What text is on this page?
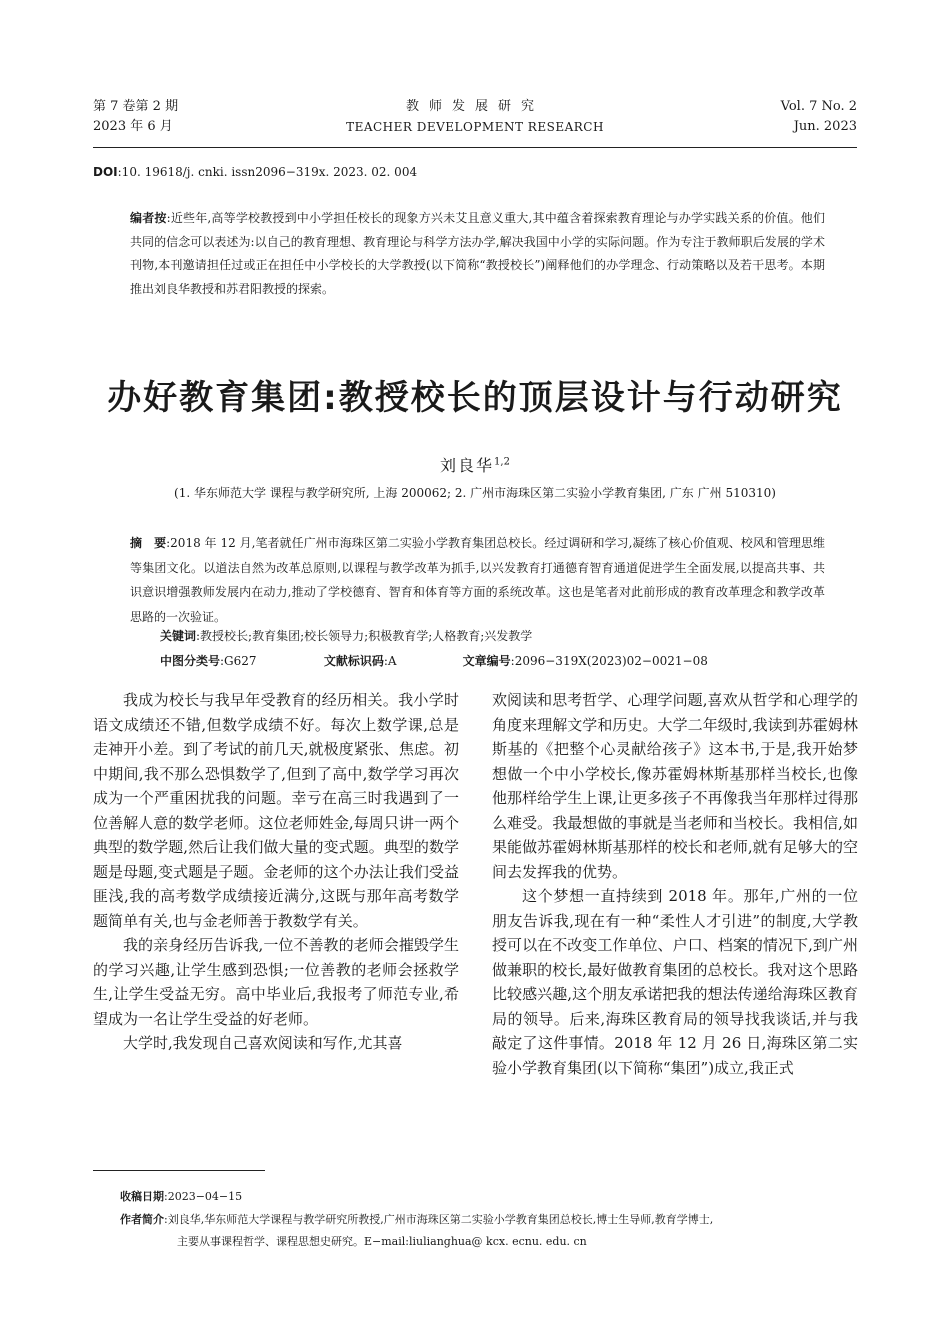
第 7 卷第 2 期
2023 年 6 月
教师发展研究
TEACHER DEVELOPMENT RESEARCH
Vol. 7 No. 2
Jun. 2023
DOI:10. 19618/j. cnki. issn2096−319x. 2023. 02. 004
编者按:近些年,高等学校教授到中小学担任校长的现象方兴未艾且意义重大,其中蕴含着探索教育理论与办学实践关系的价值。他们共同的信念可以表述为:以自己的教育理想、教育理论与科学方法办学,解决我国中小学的实际问题。作为专注于教师职后发展的学术刊物,本刊邀请担任过或正在担任中小学校长的大学教授(以下简称“教授校长”)阐释他们的办学理念、行动策略以及若干思考。本期推出刘良华教授和苏君阳教授的探索。
办好教育集团:教授校长的顶层设计与行动研究
刘良华$^{1,2}$
(1. 华东师范大学 课程与教学研究所, 上海 200062; 2. 广州市海珠区第二实验小学教育集团, 广东 广州 510310)
摘　要:2018 年 12 月,笔者就任广州市海珠区第二实验小学教育集团总校长。经过调研和学习,凝练了核心价值观、校风和管理思维等集团文化。以道法自然为改革总原则,以课程与教学改革为抓手,以兴发教育打通德育智育通道促进学生全面发展,以提高共事、共识意识增强教师发展内在动力,推动了学校德育、智育和体育等方面的系统改革。这也是笔者对此前形成的教育改革理念和教学改革思路的一次验证。
关键词:教授校长;教育集团;校长领导力;积极教育学;人格教育;兴发教学
中图分类号:G627	文献标识码:A	文章编号:2096−319X(2023)02−0021−08

我成为校长与我早年受教育的经历相关。我小学时语文成绩还不错,但数学成绩不好。每次上数学课,总是走神开小差。到了考试的前几天,就极度紧张、焦虑。初中期间,我不那么恐惧数学了,但到了高中,数学学习再次成为一个严重困扰我的问题。幸亏在高三时我遇到了一位善解人意的数学老师。这位老师姓金,每周只讲一两个典型的数学题,然后让我们做大量的变式题。典型的数学题是母题,变式题是子题。金老师的这个办法让我们受益匪浅,我的高考数学成绩接近满分,这既与那年高考数学题简单有关,也与金老师善于教数学有关。

我的亲身经历告诉我,一位不善教的老师会摧毁学生的学习兴趣,让学生感到恐惧;一位善教的老师会拯救学生,让学生受益无穷。高中毕业后,我报考了师范专业,希望成为一名让学生受益的好老师。

大学时,我发现自己喜欢阅读和写作,尤其喜

欢阅读和思考哲学、心理学问题,喜欢从哲学和心理学的角度来理解文学和历史。大学二年级时,我读到苏霍姆林斯基的《把整个心灵献给孩子》这本书,于是,我开始梦想做一个中小学校长,像苏霍姆林斯基那样当校长,也像他那样给学生上课,让更多孩子不再像我当年那样过得那么难受。我最想做的事就是当老师和当校长。我相信,如果能做苏霍姆林斯基那样的校长和老师,就有足够大的空间去发挥我的优势。

这个梦想一直持续到 2018 年。那年,广州的一位朋友告诉我,现在有一种“柔性人才引进”的制度,大学教授可以在不改变工作单位、户口、档案的情况下,到广州做兼职的校长,最好做教育集团的总校长。我对这个思路比较感兴趣,这个朋友承诺把我的想法传递给海珠区教育局的领导。后来,海珠区教育局的领导找我谈话,并与我敲定了这件事情。2018 年 12 月 26 日,海珠区第二实验小学教育集团(以下简称“集团”)成立,我正式

收稿日期:2023−04−15
作者简介:刘良华,华东师范大学课程与教学研究所教授,广州市海珠区第二实验小学教育集团总校长,博士生导师,教育学博士,
主要从事课程哲学、课程思想史研究。E−mail:liulianghua@ kcx. ecnu. edu. cn
